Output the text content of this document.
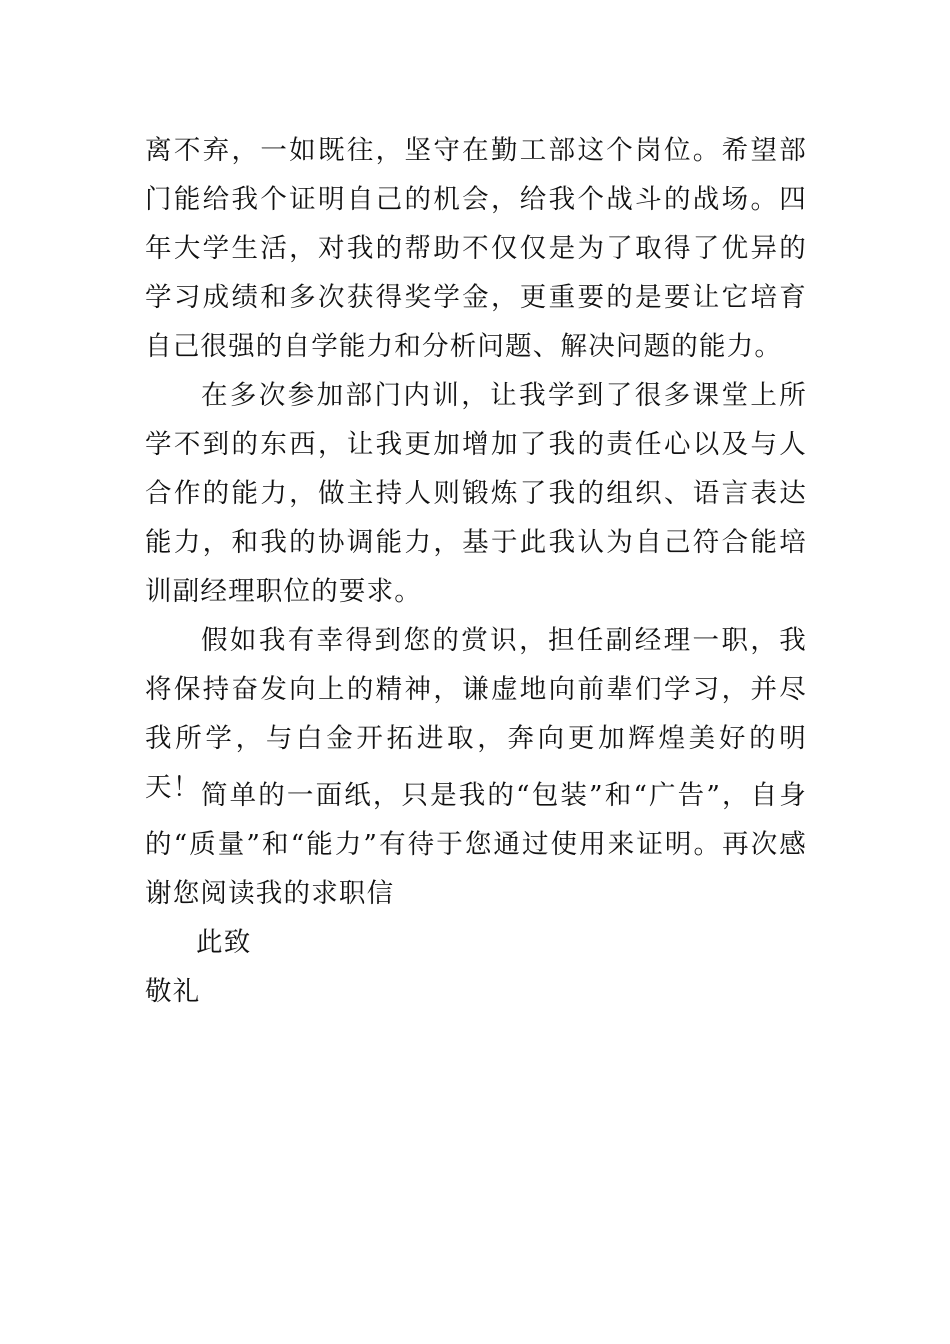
离不弃，一如既往，坚守在勤工部这个岗位。希望部门能给我个证明自己的机会，给我个战斗的战场。四年大学生活，对我的帮助不仅仅是为了取得了优异的学习成绩和多次获得奖学金，更重要的是要让它培育自己很强的自学能力和分析问题、解决问题的能力。

在多次参加部门内训，让我学到了很多课堂上所学不到的东西，让我更加增加了我的责任心以及与人合作的能力，做主持人则锻炼了我的组织、语言表达能力，和我的协调能力，基于此我认为自己符合能培训副经理职位的要求。

假如我有幸得到您的赏识，担任副经理一职，我将保持奋发向上的精神，谦虚地向前辈们学习，并尽我所学，与白金开拓进取，奔向更加辉煌美好的明天！ 简单的一面纸，只是我的“包装”和“广告”，自身的“质量”和“能力”有待于您通过使用来证明。再次感谢您阅读我的求职信

此致

敬礼
